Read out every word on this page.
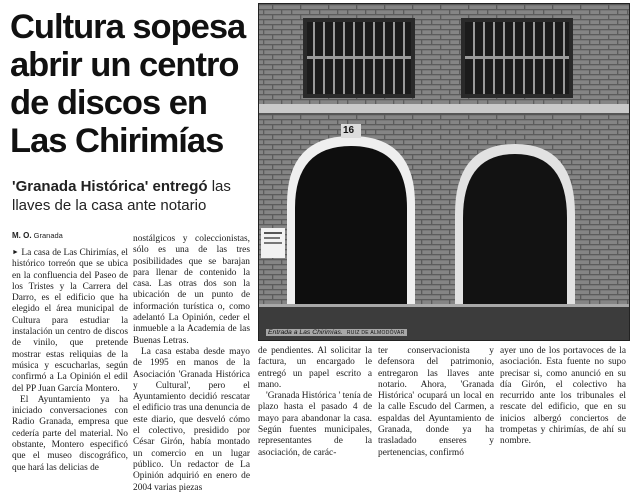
Cultura sopesa abrir un centro de discos en Las Chirimías
'Granada Histórica' entregó las llaves de la casa ante notario
M. O. Granada

► La casa de Las Chirimías, el histórico torreón que se ubica en la confluencia del Paseo de los Tristes y la Carrera del Darro, es el edificio que ha elegido el área municipal de Cultura para estudiar la instalación un centro de discos de vinilo, que pretende mostrar estas reliquias de la música y escucharlas, según confirmó a La Opinión el edil del PP Juan García Montero.

El Ayuntamiento ya ha iniciado conversaciones con Radio Granada, empresa que cedería parte del material. No obstante, Montero especificó que el museo discográfico, que hará las delicias de

nostálgicos y coleccionistas, sólo es una de las tres posibilidades que se barajan para llenar de contenido la casa. Las otras dos son la ubicación de un punto de información turística o, como adelantó La Opinión, ceder el inmueble a la Academia de las Buenas Letras.

La casa estaba desde mayo de 1995 en manos de la Asociación 'Granada Histórica y Cultural', pero el Ayuntamiento decidió rescatar el edificio tras una denuncia de este diario, que desveló cómo el colectivo, presidido por César Girón, había montado un comercio en un lugar público. Un redactor de La Opinión adquirió en enero de 2004 varias piezas

16
Entrada a Las Chirimías. RUIZ DE ALMODÓVAR

de pendientes. Al solicitar la factura, un encargado le entregó un papel escrito a mano.

'Granada Histórica ' tenía de plazo hasta el pasado 4 de mayo para abandonar la casa. Según fuentes municipales, representantes de la asociación, de carác-

ter conservacionista y defensora del patrimonio, entregaron las llaves ante notario. Ahora, 'Granada Histórica' ocupará un local en la calle Escudo del Carmen, a espaldas del Ayuntamiento de Granada, donde ya ha trasladado enseres y pertenencias, confirmó

ayer uno de los portavoces de la asociación. Esta fuente no supo precisar si, como anunció en su día Girón, el colectivo ha recurrido ante los tribunales el rescate del edificio, que en su inicios albergó conciertos de trompetas y chirimías, de ahí su nombre.
